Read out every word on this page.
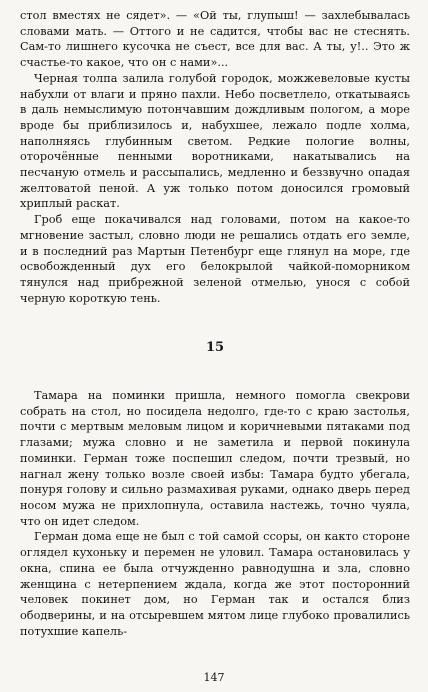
стол вместях не сядет». — «Ой ты, глупыш! — захлебывалась словами мать. — Оттого и не садится, чтобы вас не стеснять. Сам-то лишнего кусочка не съест, все для вас. А ты, у!.. Это ж счастье-то какое, что он с нами»...

Черная толпа залила голубой городок, можжевеловые кусты набухли от влаги и пряно пахли. Небо посветлело, откатываясь в даль немыслимую потончавшим дождливым пологом, а море вроде бы приблизилось и, набухшее, лежало подле холма, наполняясь глубинным светом. Редкие пологие волны, оторочённые пенными воротниками, накатывались на песчаную отмель и рассыпались, медленно и беззвучно опадая желтоватой пеной. А уж только потом доносился громовый хриплый раскат.

Гроб еще покачивался над головами, потом на какое-то мгновение застыл, словно люди не решались отдать его земле, и в последний раз Мартын Петенбург еще глянул на море, где освобожденный дух его белокрылой чайкой-поморником тянулся над прибрежной зеленой отмелью, унося с собой черную короткую тень.

15

Тамара на поминки пришла, немного помогла свекрови собрать на стол, но посидела недолго, где-то с краю застолья, почти с мертвым меловым лицом и коричневыми пятаками под глазами; мужа словно и не заметила и первой покинула поминки. Герман тоже поспешил следом, почти трезвый, но нагнал жену только возле своей избы: Тамара будто убегала, понуря голову и сильно размахивая руками, однако дверь перед носом мужа не прихлопнула, оставила настежь, точно чуяла, что он идет следом.

Герман дома еще не был с той самой ссоры, он както стороне оглядел кухоньку и перемен не уловил. Тамара остановилась у окна, спина ее была отчужденно равнодушна и зла, словно женщина с нетерпением ждала, когда же этот посторонний человек покинет дом, но Герман так и остался близ ободверины, и на отсыревшем мятом лице глубоко провалились потухшие капель-

147
